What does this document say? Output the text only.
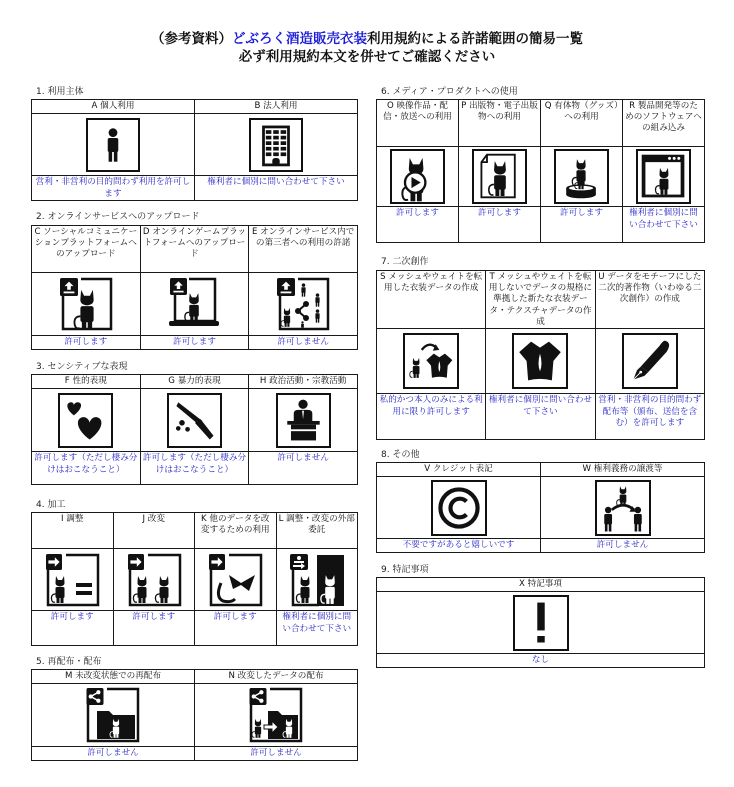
（参考資料）どぶろく酒造販売衣装利用規約による許諾範囲の簡易一覧
必ず利用規約本文を併せてご確認ください
1. 利用主体
A 個人利用	B 法人利用

営利・非営利の目的問わず利用を許可します	権利者に個別に問い合わせて下さい
2. オンラインサービスへのアップロード
C ソーシャルコミュニケーションプラットフォームへのアップロード	D オンラインゲームプラットフォームへのアップロード	E オンラインサービス内での第三者への利用の許諾

許可します	許可します	許可しません
3. センシティブな表現
F 性的表現	G 暴力的表現	H 政治活動・宗教活動

許可します（ただし棲み分けはおこなうこと）	許可します（ただし棲み分けはおこなうこと）	許可しません
4. 加工
I 調整	J 改変	K 他のデータを改変するための利用	L 調整・改変の外部委託

許可します	許可します	許可します	権利者に個別に問い合わせて下さい
5. 再配布・配布
M 未改変状態での再配布	N 改変したデータの配布

許可しません	許可しません
6. メディア・プロダクトへの使用
O 映像作品・配信・放送への利用	P 出版物・電子出版物への利用	Q 有体物（グッズ）への利用	R 製品開発等のためのソフトウェアへの組み込み

許可します	許可します	許可します	権利者に個別に問い合わせて下さい
7. 二次創作
S メッシュやウェイトを転用した衣装データの作成	T メッシュやウェイトを転用しないでデータの規格に準拠した新たな衣装データ・テクスチャデータの作成	U データをモチーフにした二次的著作物（いわゆる二次創作）の作成

私的かつ本人のみによる利用に限り許可します	権利者に個別に問い合わせて下さい	営利・非営利の目的問わず配布等（頒布、送信を含む）を許可します
8. その他
V クレジット表記	W 権利義務の譲渡等

不要ですがあると嬉しいです	許可しません
9. 特記事項
X 特記事項

なし
